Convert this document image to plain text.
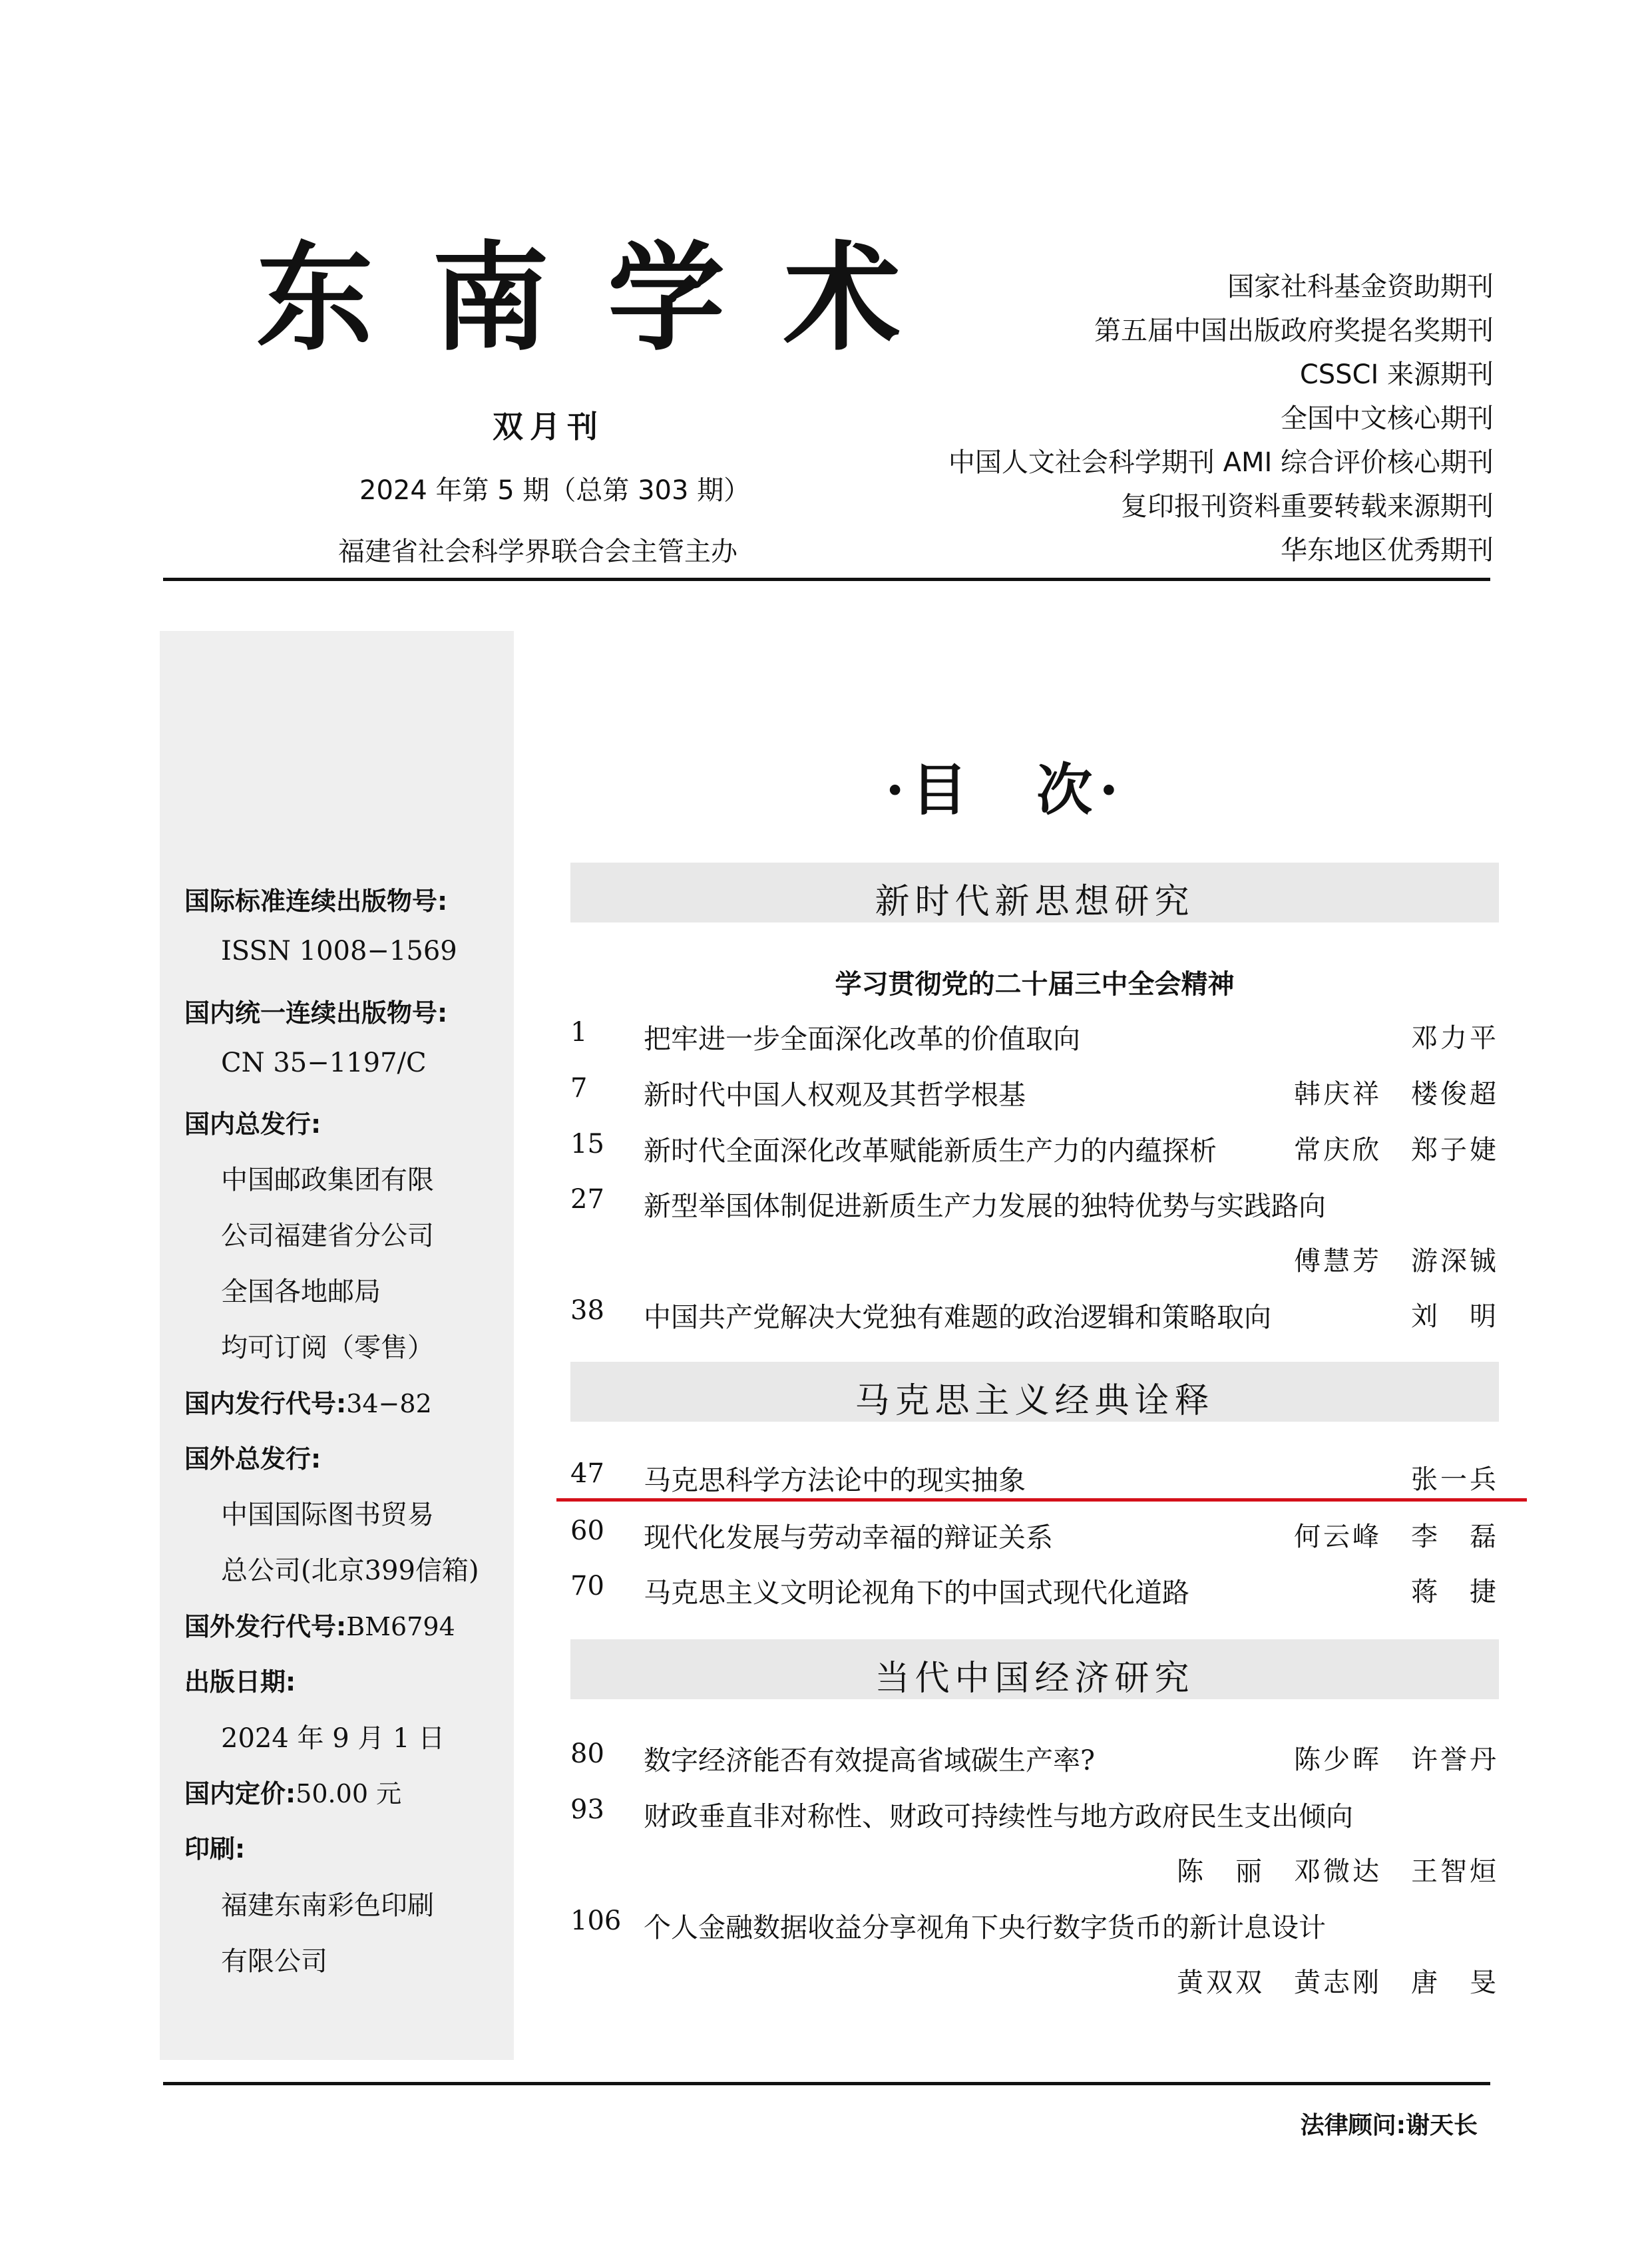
东南学术
双月刊
2024 年第 5 期（总第 303 期）
福建省社会科学界联合会主管主办
国家社科基金资助期刊
第五届中国出版政府奖提名奖期刊
CSSCI 来源期刊
全国中文核心期刊
中国人文社会科学期刊 AMI 综合评价核心期刊
复印报刊资料重要转载来源期刊
华东地区优秀期刊
国际标准连续出版物号:
ISSN 1008−1569
国内统一连续出版物号:
CN 35−1197/C
国内总发行:
中国邮政集团有限
公司福建省分公司
全国各地邮局
均可订阅（零售）
国内发行代号:34−82
国外总发行:
中国国际图书贸易
总公司(北京399信箱)
国外发行代号:BM6794
出版日期:
2024 年 9 月 1 日
国内定价:50.00 元
印刷:
福建东南彩色印刷
有限公司
·目　次·
新时代新思想研究
学习贯彻党的二十届三中全会精神
1 把牢进一步全面深化改革的价值取向	邓力平
7 新时代中国人权观及其哲学根基	韩庆祥　楼俊超
15 新时代全面深化改革赋能新质生产力的内蕴探析	常庆欣　郑子婕
27 新型举国体制促进新质生产力发展的独特优势与实践路向
傅慧芳　游深铖
38 中国共产党解决大党独有难题的政治逻辑和策略取向	刘　明
马克思主义经典诠释
47 马克思科学方法论中的现实抽象	张一兵
60 现代化发展与劳动幸福的辩证关系	何云峰　李　磊
70 马克思主义文明论视角下的中国式现代化道路	蒋　捷
当代中国经济研究
80 数字经济能否有效提高省域碳生产率?	陈少晖　许誉丹
93 财政垂直非对称性、财政可持续性与地方政府民生支出倾向
陈　丽　邓微达　王智烜
106 个人金融数据收益分享视角下央行数字货币的新计息设计
黄双双　黄志刚　唐　旻
法律顾问:谢天长
